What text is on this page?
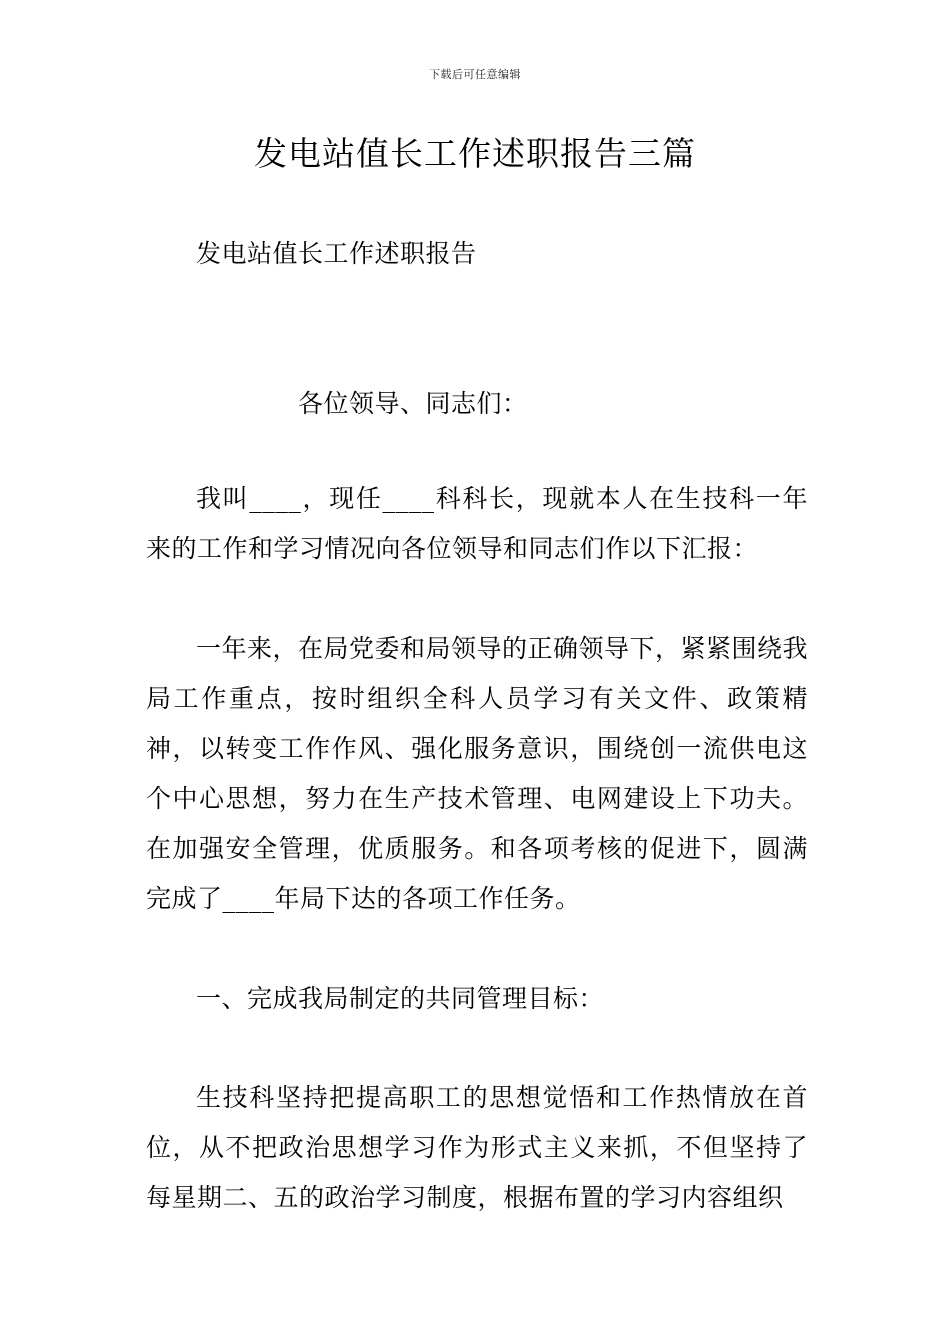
下载后可任意编辑
发电站值长工作述职报告三篇
发电站值长工作述职报告
各位领导、同志们：

我叫____，现任____科科长，现就本人在生技科一年来的工作和学习情况向各位领导和同志们作以下汇报：

一年来，在局党委和局领导的正确领导下，紧紧围绕我局工作重点，按时组织全科人员学习有关文件、政策精神，以转变工作作风、强化服务意识，围绕创一流供电这个中心思想，努力在生产技术管理、电网建设上下功夫。在加强安全管理，优质服务。和各项考核的促进下，圆满完成了____年局下达的各项工作任务。

一、完成我局制定的共同管理目标：

生技科坚持把提高职工的思想觉悟和工作热情放在首位，从不把政治思想学习作为形式主义来抓，不但坚持了每星期二、五的政治学习制度，根据布置的学习内容组织
